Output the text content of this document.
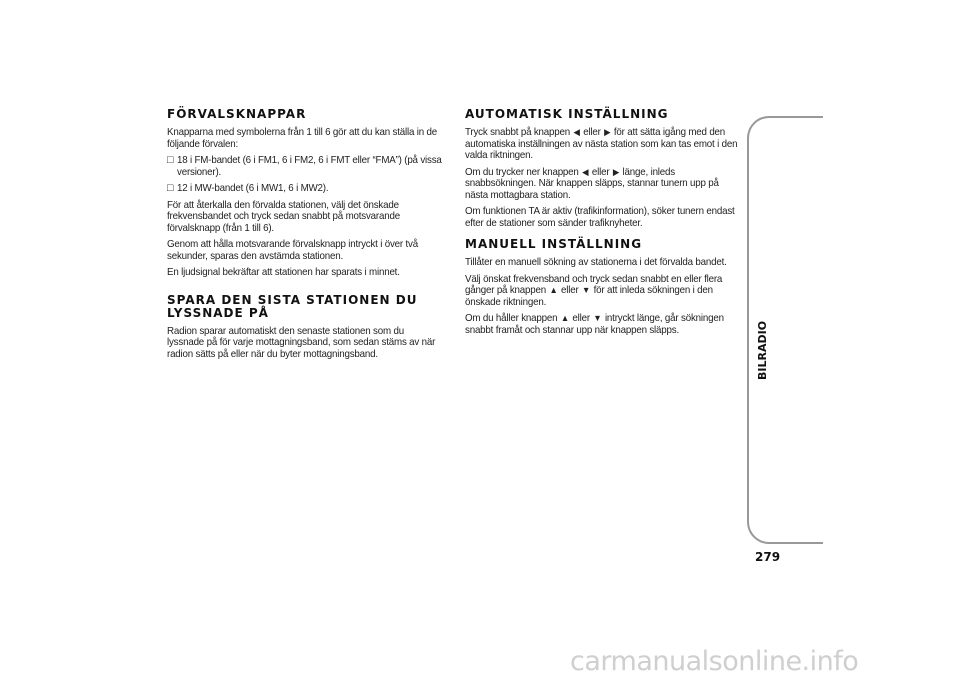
FÖRVALSKNAPPAR

Knapparna med symbolerna från 1 till 6 gör att du kan ställa in de följande förvalen:

□ 18 i FM-bandet (6 i FM1, 6 i FM2, 6 i FMT eller “FMA”) (på vissa versioner).
□ 12 i MW-bandet (6 i MW1, 6 i MW2).

För att återkalla den förvalda stationen, välj det önskade frekvensbandet och tryck sedan snabbt på motsvarande förvalsknapp (från 1 till 6).

Genom att hålla motsvarande förvalsknapp intryckt i över två sekunder, sparas den avstämda stationen.

En ljudsignal bekräftar att stationen har sparats i minnet.

SPARA DEN SISTA STATIONEN DU LYSSNADE PÅ

Radion sparar automatiskt den senaste stationen som du lyssnade på för varje mottagningsband, som sedan stäms av när radion sätts på eller när du byter mottagningsband.

AUTOMATISK INSTÄLLNING

Tryck snabbt på knappen ◀ eller ▶ för att sätta igång med den automatiska inställningen av nästa station som kan tas emot i den valda riktningen.

Om du trycker ner knappen ◀ eller ▶ länge, inleds snabbsökningen. När knappen släpps, stannar tunern upp på nästa mottagbara station.

Om funktionen TA är aktiv (trafikinformation), söker tunern endast efter de stationer som sänder trafiknyheter.

MANUELL INSTÄLLNING

Tillåter en manuell sökning av stationerna i det förvalda bandet.

Välj önskat frekvensband och tryck sedan snabbt en eller flera gånger på knappen ▲ eller ▼ för att inleda sökningen i den önskade riktningen.

Om du håller knappen ▲ eller ▼ intryckt länge, går sökningen snabbt framåt och stannar upp när knappen släpps.	BILRADIO
279
carmanualsonline.info
